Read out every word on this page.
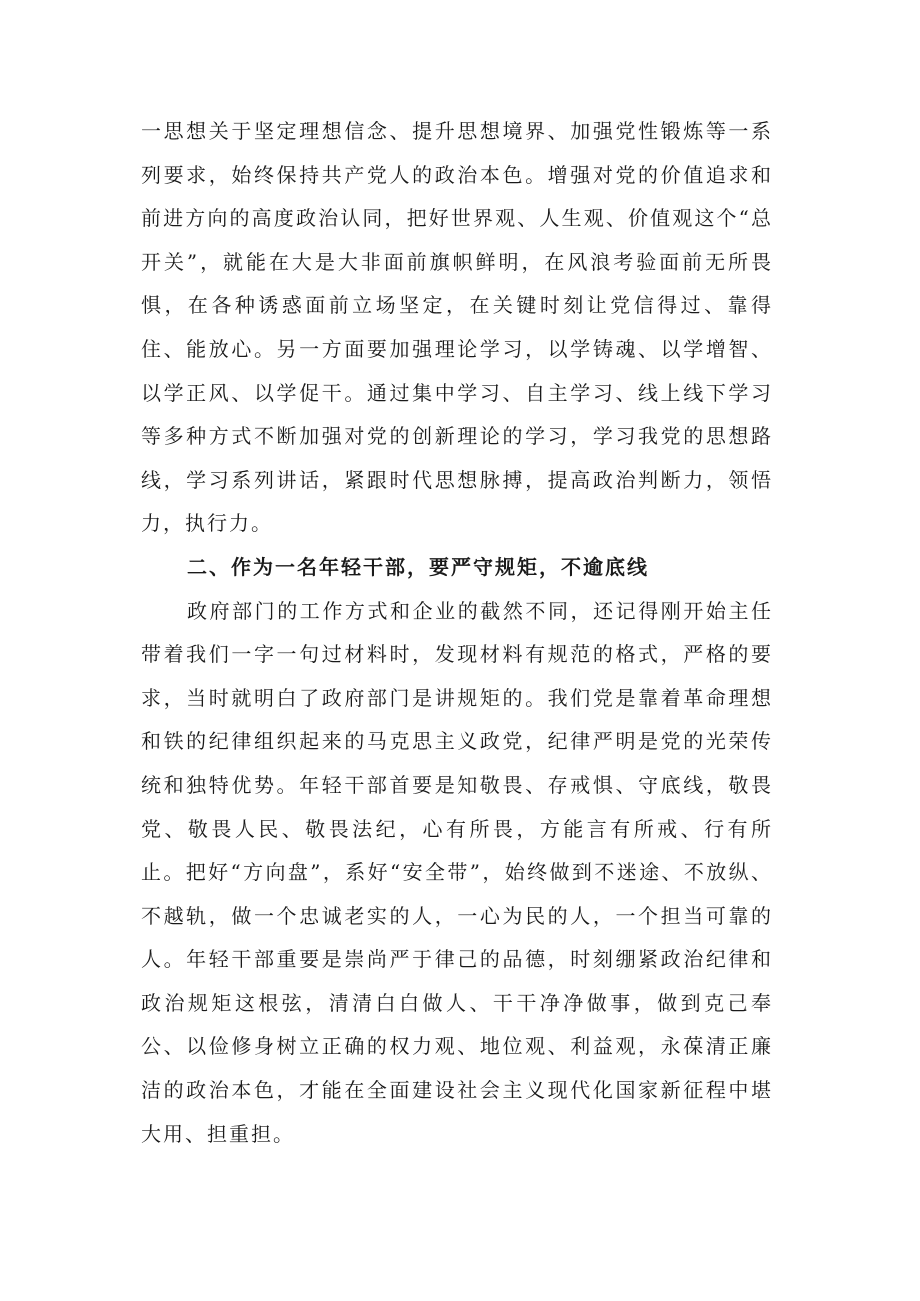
一思想关于坚定理想信念、提升思想境界、加强党性锻炼等一系列要求，始终保持共产党人的政治本色。增强对党的价值追求和前进方向的高度政治认同，把好世界观、人生观、价值观这个“总开关”，就能在大是大非面前旗帜鲜明，在风浪考验面前无所畏惧，在各种诱惑面前立场坚定，在关键时刻让党信得过、靠得住、能放心。另一方面要加强理论学习，以学铸魂、以学增智、以学正风、以学促干。通过集中学习、自主学习、线上线下学习等多种方式不断加强对党的创新理论的学习，学习我党的思想路线，学习系列讲话，紧跟时代思想脉搏，提高政治判断力，领悟力，执行力。

二、作为一名年轻干部，要严守规矩，不逾底线

政府部门的工作方式和企业的截然不同，还记得刚开始主任带着我们一字一句过材料时，发现材料有规范的格式，严格的要求，当时就明白了政府部门是讲规矩的。我们党是靠着革命理想和铁的纪律组织起来的马克思主义政党，纪律严明是党的光荣传统和独特优势。年轻干部首要是知敬畏、存戒惧、守底线，敬畏党、敬畏人民、敬畏法纪，心有所畏，方能言有所戒、行有所止。把好“方向盘”，系好“安全带”，始终做到不迷途、不放纵、不越轨，做一个忠诚老实的人，一心为民的人，一个担当可靠的人。年轻干部重要是崇尚严于律己的品德，时刻绷紧政治纪律和政治规矩这根弦，清清白白做人、干干净净做事，做到克己奉公、以俭修身树立正确的权力观、地位观、利益观，永葆清正廉洁的政治本色，才能在全面建设社会主义现代化国家新征程中堪大用、担重担。
